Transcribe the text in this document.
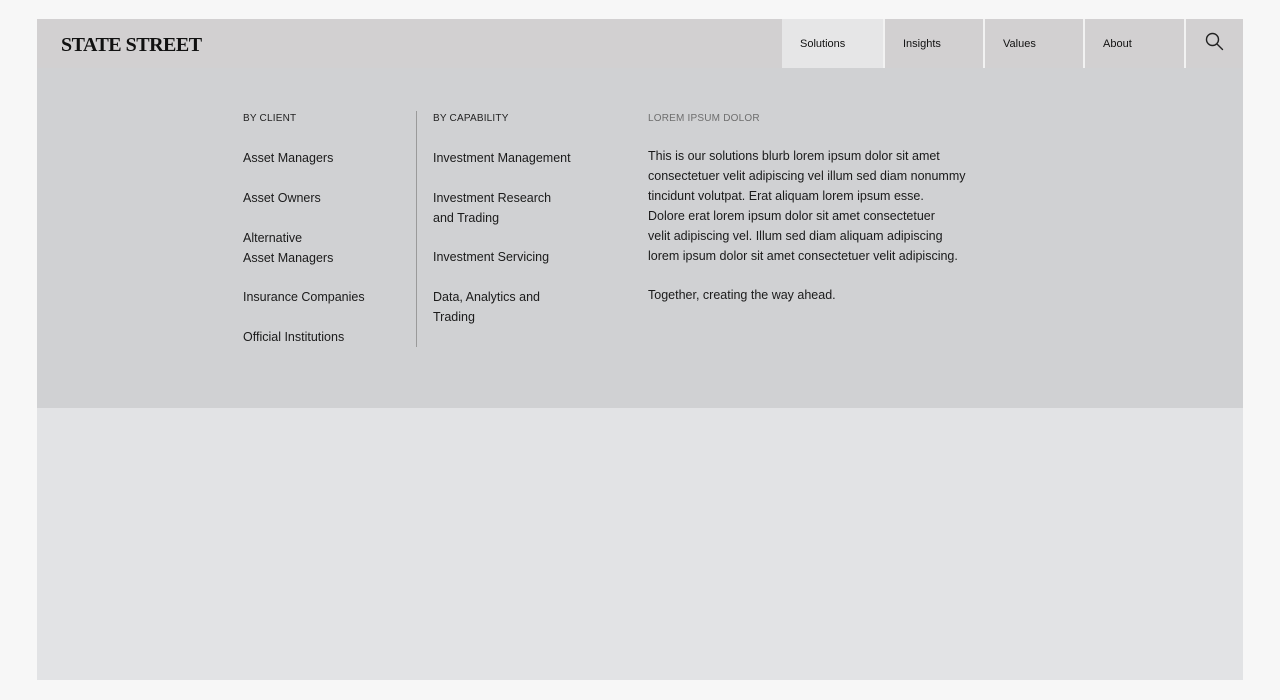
STATE STREET	Solutions	Insights	Values	About
BY CLIENT
Asset Managers
Asset Owners
Alternative
Asset Managers
Insurance Companies
Official Institutions
BY CAPABILITY
Investment Management
Investment Research
and Trading
Investment Servicing
Data, Analytics and
Trading
LOREM IPSUM DOLOR
This is our solutions blurb lorem ipsum dolor sit amet
consectetuer velit adipiscing vel illum sed diam nonummy
tincidunt volutpat. Erat aliquam lorem ipsum esse.
Dolore erat lorem ipsum dolor sit amet consectetuer
velit adipiscing vel. Illum sed diam aliquam adipiscing
lorem ipsum dolor sit amet consectetuer velit adipiscing.
Together, creating the way ahead.
